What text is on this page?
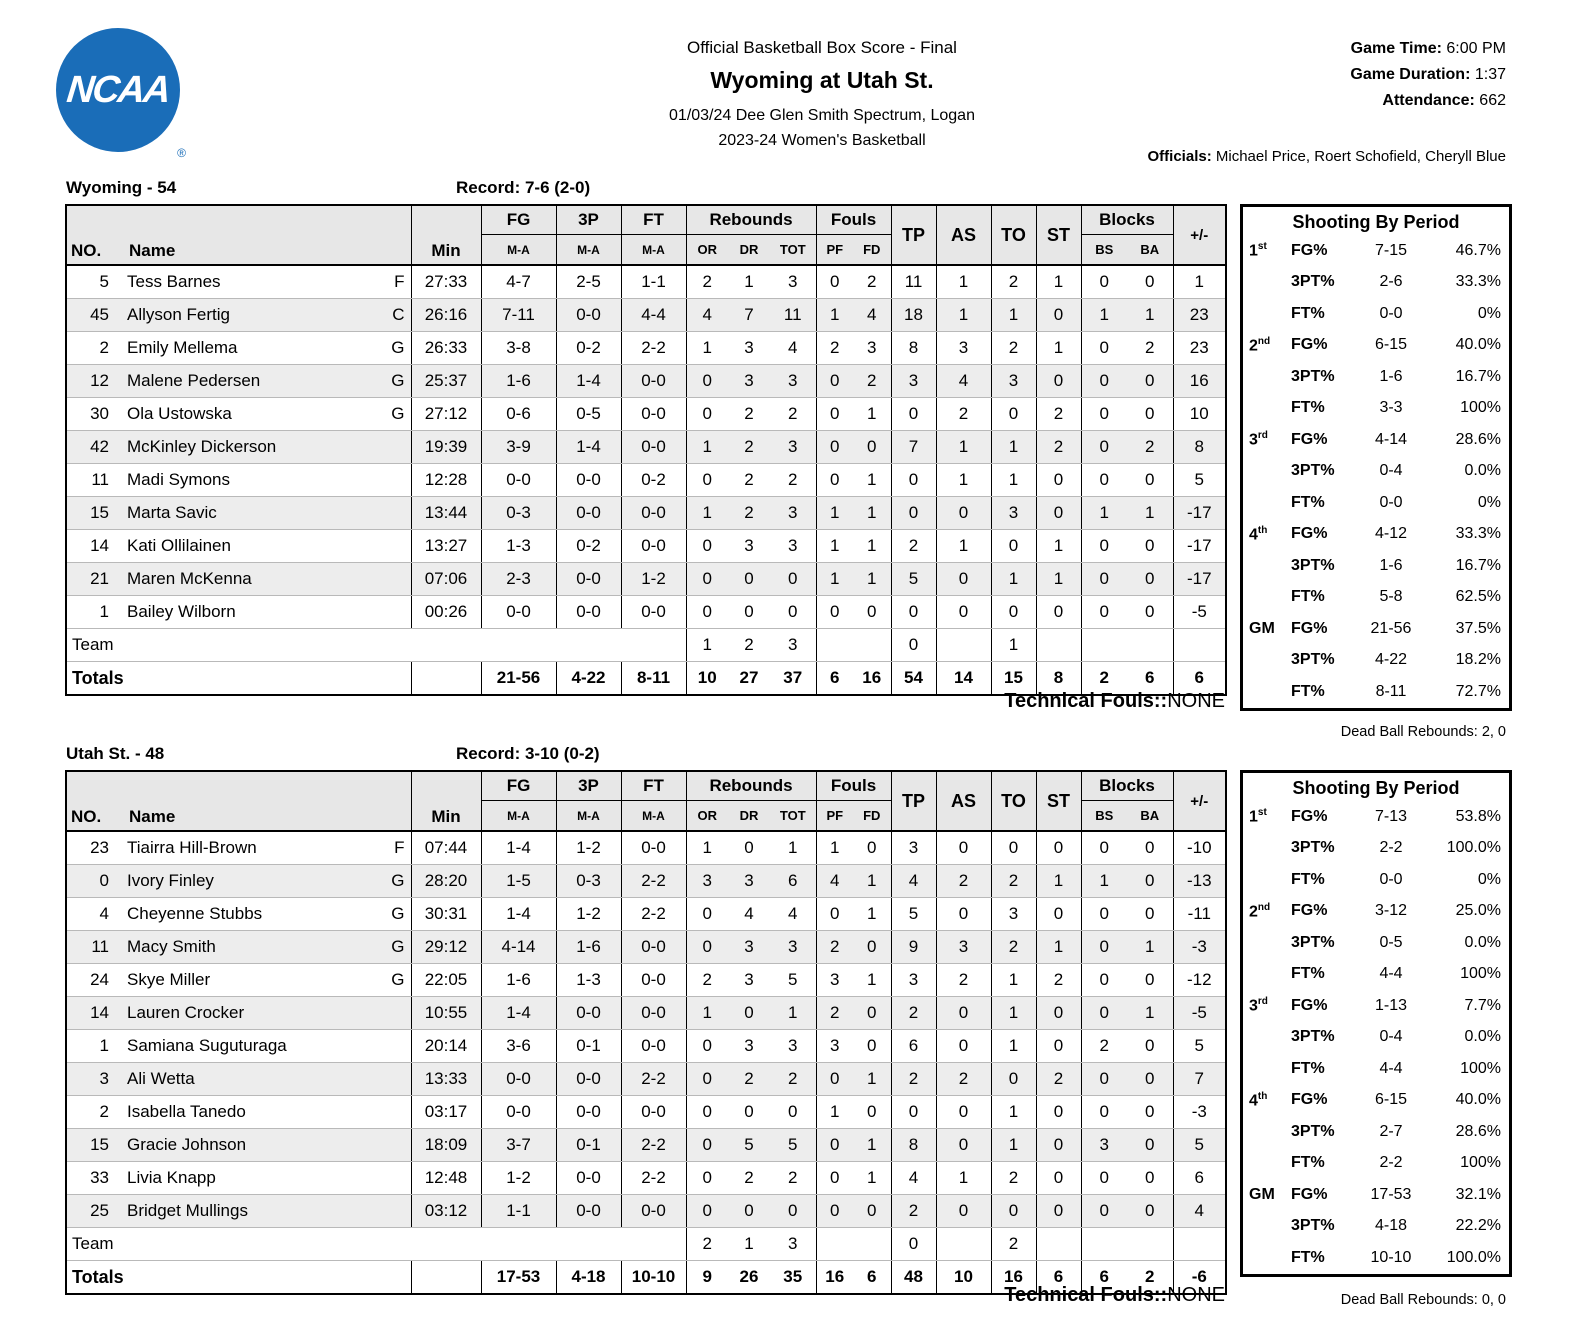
NCAA
®
Official Basketball Box Score - Final
Wyoming at Utah St.
01/03/24 Dee Glen Smith Spectrum, Logan
2023-24 Women's Basketball
Game Time: 6:00 PM
Game Duration: 1:37
Attendance: 662
Officials: Michael Price, Roert Schofield, Cheryll Blue
Wyoming - 54	Record: 7-6 (2-0)
NO.	Name	Min	FG	3P	FT	Rebounds			Fouls		TP	AS	TO	ST	Blocks		+/-
			M-A	M-A	M-A	OR	DR	TOT	PF	FD					BS	BA	
5	Tess Barnes F	27:33	4-7	2-5	1-1	2	1	3	0	2	11	1	2	1	0	0	1
45	Allyson Fertig C	26:16	7-11	0-0	4-4	4	7	11	1	4	18	1	1	0	1	1	23
2	Emily Mellema G	26:33	3-8	0-2	2-2	1	3	4	2	3	8	3	2	1	0	2	23
12	Malene Pedersen G	25:37	1-6	1-4	0-0	0	3	3	0	2	3	4	3	0	0	0	16
30	Ola Ustowska G	27:12	0-6	0-5	0-0	0	2	2	0	1	0	2	0	2	0	0	10
42	McKinley Dickerson	19:39	3-9	1-4	0-0	1	2	3	0	0	7	1	1	2	0	2	8
11	Madi Symons	12:28	0-0	0-0	0-2	0	2	2	0	1	0	1	1	0	0	0	5
15	Marta Savic	13:44	0-3	0-0	0-0	1	2	3	1	1	0	0	3	0	1	1	-17
14	Kati Ollilainen	13:27	1-3	0-2	0-0	0	3	3	1	1	2	1	0	1	0	0	-17
21	Maren McKenna	07:06	2-3	0-0	1-2	0	0	0	1	1	5	0	1	1	0	0	-17
1	Bailey Wilborn	00:26	0-0	0-0	0-0	0	0	0	0	0	0	0	0	0	0	0	-5
Team						1	2	3			0		1				
Totals			21-56	4-22	8-11	10	27	37	6	16	54	14	15	8	2	6	6
Technical Fouls::NONE
Shooting By Period
1st	FG%	7-15	46.7%
3PT%	2-6	33.3%
FT%	0-0	0%
2nd	FG%	6-15	40.0%
3PT%	1-6	16.7%
FT%	3-3	100%
3rd	FG%	4-14	28.6%
3PT%	0-4	0.0%
FT%	0-0	0%
4th	FG%	4-12	33.3%
3PT%	1-6	16.7%
FT%	5-8	62.5%
GM	FG%	21-56	37.5%
3PT%	4-22	18.2%
FT%	8-11	72.7%
Dead Ball Rebounds: 2, 0
Utah St. - 48	Record: 3-10 (0-2)
NO.	Name	Min	FG	3P	FT	Rebounds			Fouls		TP	AS	TO	ST	Blocks		+/-
			M-A	M-A	M-A	OR	DR	TOT	PF	FD					BS	BA	
23	Tiairra Hill-Brown F	07:44	1-4	1-2	0-0	1	0	1	1	0	3	0	0	0	0	0	-10
0	Ivory Finley G	28:20	1-5	0-3	2-2	3	3	6	4	1	4	2	2	1	1	0	-13
4	Cheyenne Stubbs G	30:31	1-4	1-2	2-2	0	4	4	0	1	5	0	3	0	0	0	-11
11	Macy Smith G	29:12	4-14	1-6	0-0	0	3	3	2	0	9	3	2	1	0	1	-3
24	Skye Miller G	22:05	1-6	1-3	0-0	2	3	5	3	1	3	2	1	2	0	0	-12
14	Lauren Crocker	10:55	1-4	0-0	0-0	1	0	1	2	0	2	0	1	0	0	1	-5
1	Samiana Suguturaga	20:14	3-6	0-1	0-0	0	3	3	3	0	6	0	1	0	2	0	5
3	Ali Wetta	13:33	0-0	0-0	2-2	0	2	2	0	1	2	2	0	2	0	0	7
2	Isabella Tanedo	03:17	0-0	0-0	0-0	0	0	0	1	0	0	0	1	0	0	0	-3
15	Gracie Johnson	18:09	3-7	0-1	2-2	0	5	5	0	1	8	0	1	0	3	0	5
33	Livia Knapp	12:48	1-2	0-0	2-2	0	2	2	0	1	4	1	2	0	0	0	6
25	Bridget Mullings	03:12	1-1	0-0	0-0	0	0	0	0	0	2	0	0	0	0	0	4
Team						2	1	3			0		2				
Totals			17-53	4-18	10-10	9	26	35	16	6	48	10	16	6	6	2	-6
Technical Fouls::NONE
Shooting By Period
1st	FG%	7-13	53.8%
3PT%	2-2	100.0%
FT%	0-0	0%
2nd	FG%	3-12	25.0%
3PT%	0-5	0.0%
FT%	4-4	100%
3rd	FG%	1-13	7.7%
3PT%	0-4	0.0%
FT%	4-4	100%
4th	FG%	6-15	40.0%
3PT%	2-7	28.6%
FT%	2-2	100%
GM	FG%	17-53	32.1%
3PT%	4-18	22.2%
FT%	10-10	100.0%
Dead Ball Rebounds: 0, 0
